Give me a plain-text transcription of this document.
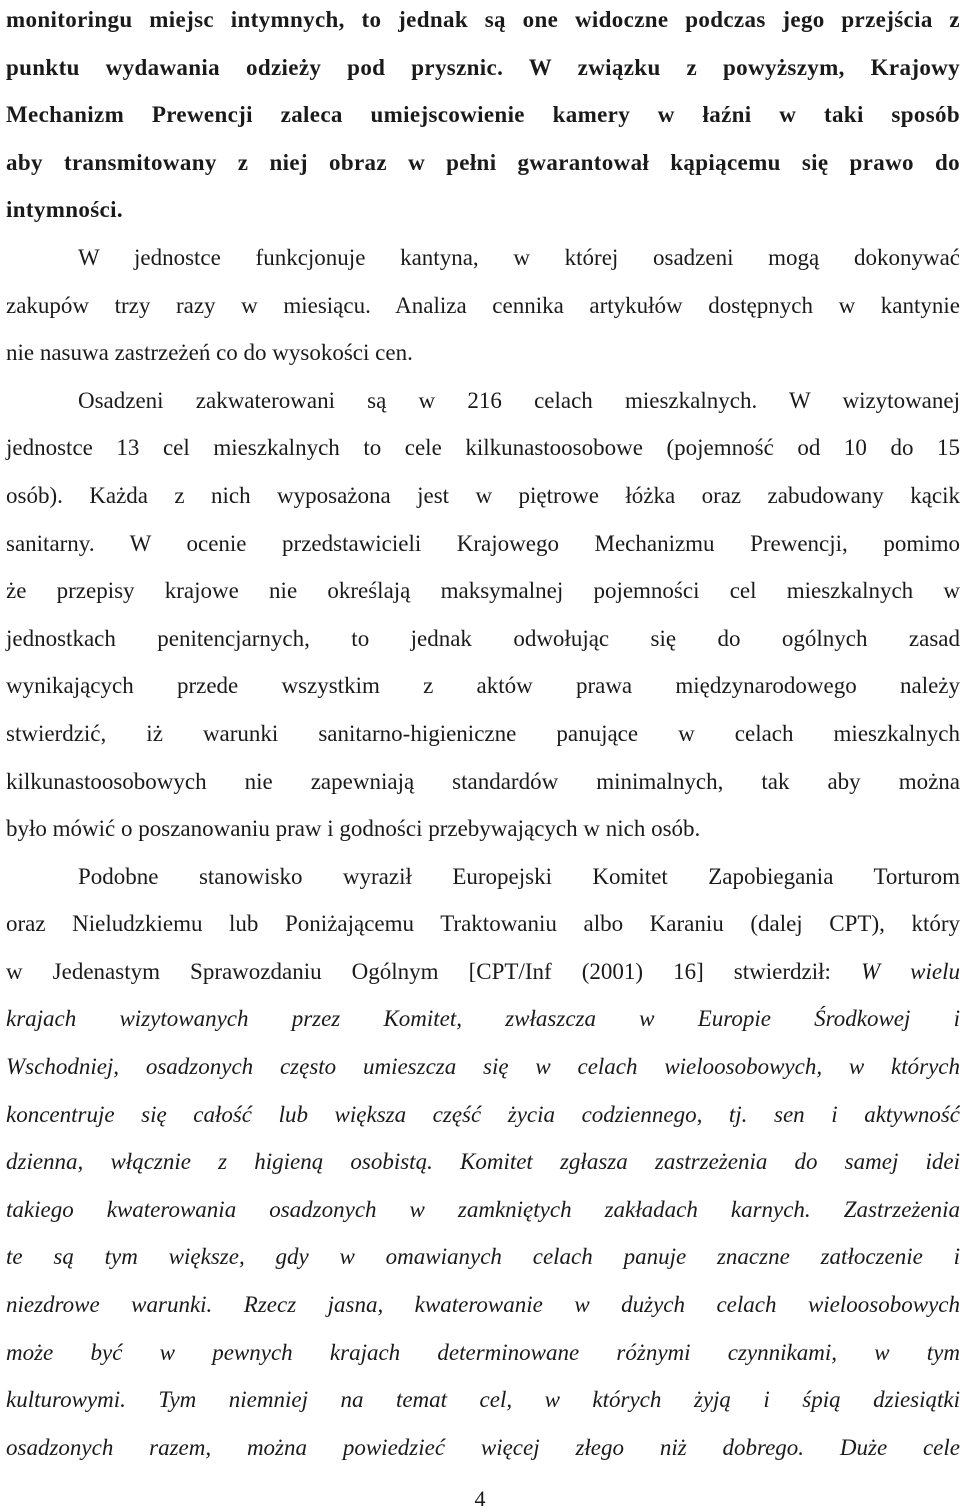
monitoringu miejsc intymnych, to jednak są one widoczne podczas jego przejścia z
punktu wydawania odzieży pod prysznic. W związku z powyższym, Krajowy
Mechanizm Prewencji zaleca umiejscowienie kamery w łaźni w taki sposób
aby transmitowany z niej obraz w pełni gwarantował kąpiącemu się prawo do
intymności.
W jednostce funkcjonuje kantyna, w której osadzeni mogą dokonywać
zakupów trzy razy w miesiącu. Analiza cennika artykułów dostępnych w kantynie
nie nasuwa zastrzeżeń co do wysokości cen.
Osadzeni zakwaterowani są w 216 celach mieszkalnych. W wizytowanej
jednostce 13 cel mieszkalnych to cele kilkunastoosobowe (pojemność od 10 do 15
osób). Każda z nich wyposażona jest w piętrowe łóżka oraz zabudowany kącik
sanitarny. W ocenie przedstawicieli Krajowego Mechanizmu Prewencji, pomimo
że przepisy krajowe nie określają maksymalnej pojemności cel mieszkalnych w
jednostkach penitencjarnych, to jednak odwołując się do ogólnych zasad
wynikających przede wszystkim z aktów prawa międzynarodowego należy
stwierdzić, iż warunki sanitarno-higieniczne panujące w celach mieszkalnych
kilkunastoosobowych nie zapewniają standardów minimalnych, tak aby można
było mówić o poszanowaniu praw i godności przebywających w nich osób.
Podobne stanowisko wyraził Europejski Komitet Zapobiegania Torturom
oraz Nieludzkiemu lub Poniżającemu Traktowaniu albo Karaniu (dalej CPT), który
w Jedenastym Sprawozdaniu Ogólnym [CPT/Inf (2001) 16] stwierdził: W wielu
krajach wizytowanych przez Komitet, zwłaszcza w Europie Środkowej i
Wschodniej, osadzonych często umieszcza się w celach wieloosobowych, w których
koncentruje się całość lub większa część życia codziennego, tj. sen i aktywność
dzienna, włącznie z higieną osobistą. Komitet zgłasza zastrzeżenia do samej idei
takiego kwaterowania osadzonych w zamkniętych zakładach karnych. Zastrzeżenia
te są tym większe, gdy w omawianych celach panuje znaczne zatłoczenie i
niezdrowe warunki. Rzecz jasna, kwaterowanie w dużych celach wieloosobowych
może być w pewnych krajach determinowane różnymi czynnikami, w tym
kulturowymi. Tym niemniej na temat cel, w których żyją i śpią dziesiątki
osadzonych razem, można powiedzieć więcej złego niż dobrego. Duże cele
4
